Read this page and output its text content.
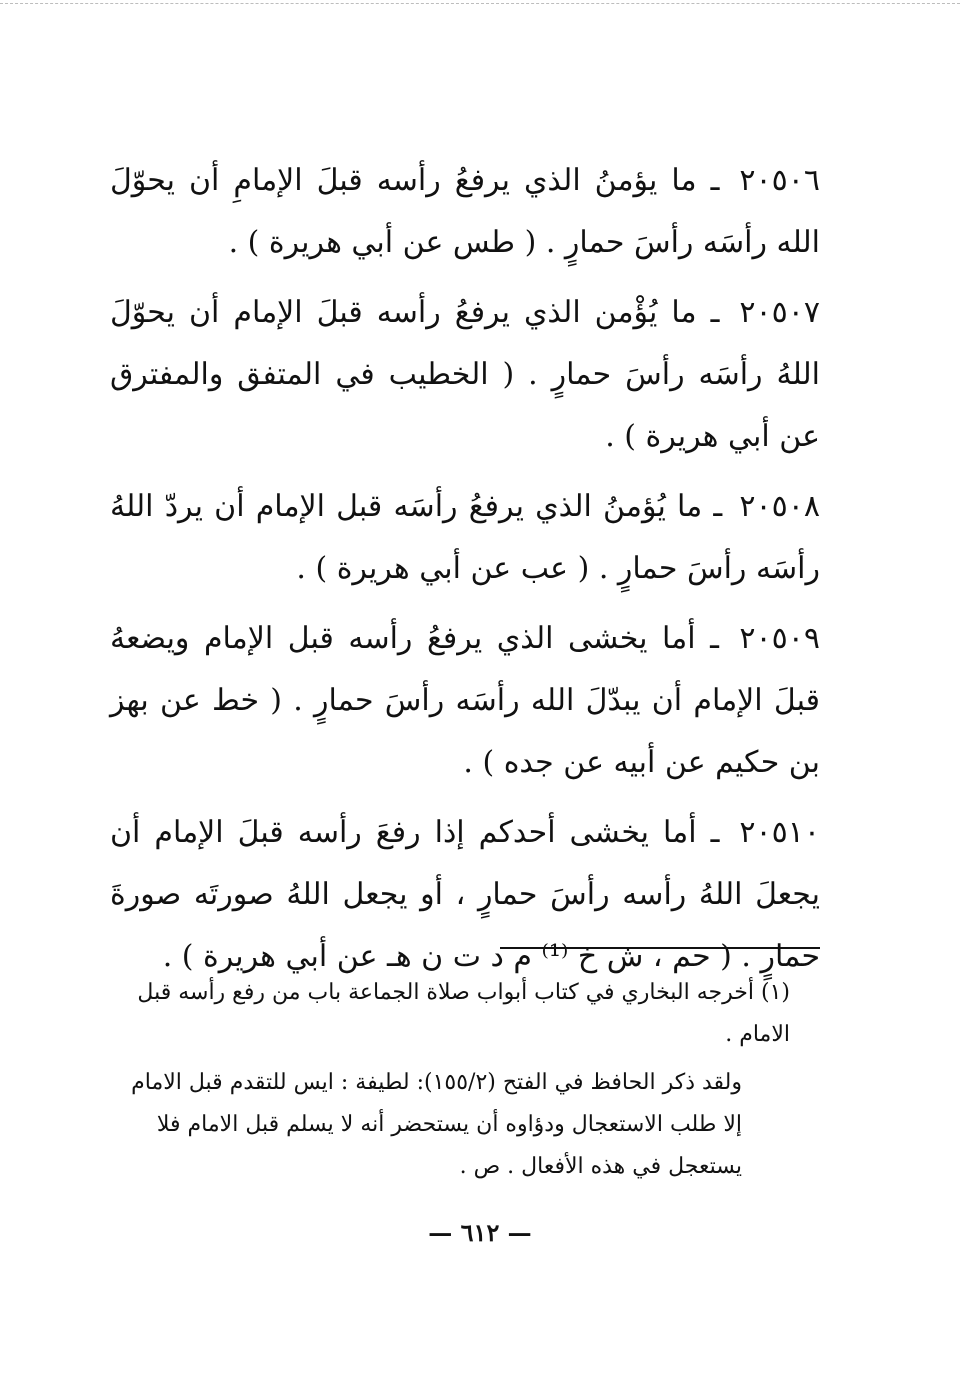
٢٠٥٠٦ ـ ما يؤمنُ الذي يرفعُ رأسه قبلَ الإمامِ أن يحوّلَ الله رأسَه رأسَ حمارٍ . ( طس عن أبي هريرة ) .

٢٠٥٠٧ ـ ما يُؤْمن الذي يرفعُ رأسه قبلَ الإمام أن يحوّلَ اللهُ رأسَه رأسَ حمارٍ . ( الخطيب في المتفق والمفترق عن أبي هريرة ) .

٢٠٥٠٨ ـ ما يُؤمنُ الذي يرفعُ رأسَه قبل الإمام أن يردّ اللهُ رأسَه رأسَ حمارٍ . ( عب عن أبي هريرة ) .

٢٠٥٠٩ ـ أما يخشى الذي يرفعُ رأسه قبل الإمام ويضعهُ قبلَ الإمام أن يبدّلَ الله رأسَه رأسَ حمارٍ . ( خط عن بهز بن حكيم عن أبيه عن جده ) .

٢٠٥١٠ ـ أما يخشى أحدكم إذا رفعَ رأسه قبلَ الإمام أن يجعلَ اللهُ رأسه رأسَ حمارٍ ، أو يجعل اللهُ صورتَه صورةَ حمارٍ . ( حم ، ش خ ⁽¹⁾ م د ت ن هـ عن أبي هريرة ) .

(١) أخرجه البخاري في كتاب أبواب صلاة الجماعة باب من رفع رأسه قبل الامام .

ولقد ذكر الحافظ في الفتح (١٥٥/٢): لطيفة : ايس للتقدم قبل الامام إلا طلب الاستعجال ودؤاوه أن يستحضر أنه لا يسلم قبل الامام فلا يستعجل في هذه الأفعال . ص .

— ٦١٢ —
